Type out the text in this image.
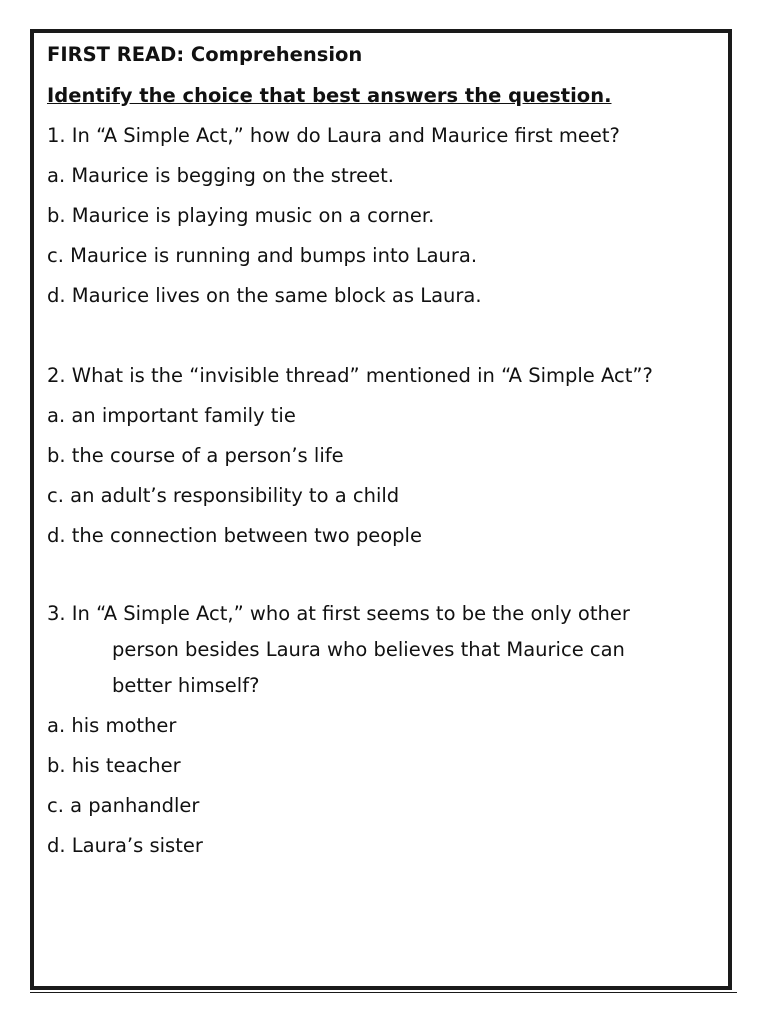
FIRST READ: Comprehension
Identify the choice that best answers the question.
1. In “A Simple Act,” how do Laura and Maurice first meet?
a. Maurice is begging on the street.
b. Maurice is playing music on a corner.
c. Maurice is running and bumps into Laura.
d. Maurice lives on the same block as Laura.
2. What is the “invisible thread” mentioned in “A Simple Act”?
a. an important family tie
b. the course of a person’s life
c. an adult’s responsibility to a child
d. the connection between two people
3. In “A Simple Act,” who at first seems to be the only other
person besides Laura who believes that Maurice can
better himself?
a. his mother
b. his teacher
c. a panhandler
d. Laura’s sister
